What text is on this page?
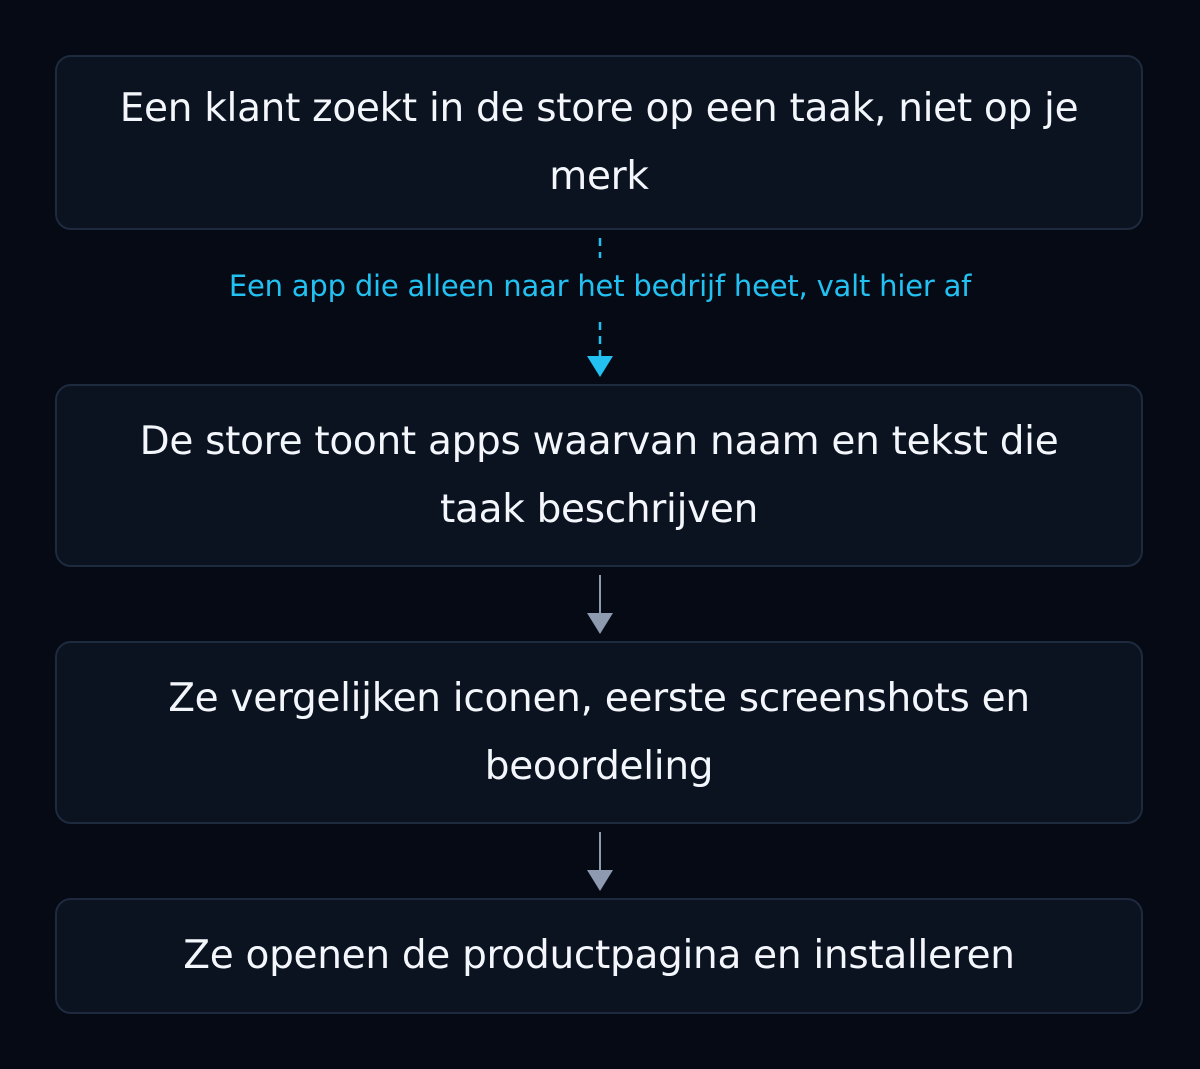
Een klant zoekt in de store op een taak, niet op je merk
Een app die alleen naar het bedrijf heet, valt hier af
De store toont apps waarvan naam en tekst die taak beschrijven
Ze vergelijken iconen, eerste screenshots en beoordeling
Ze openen de productpagina en installeren
